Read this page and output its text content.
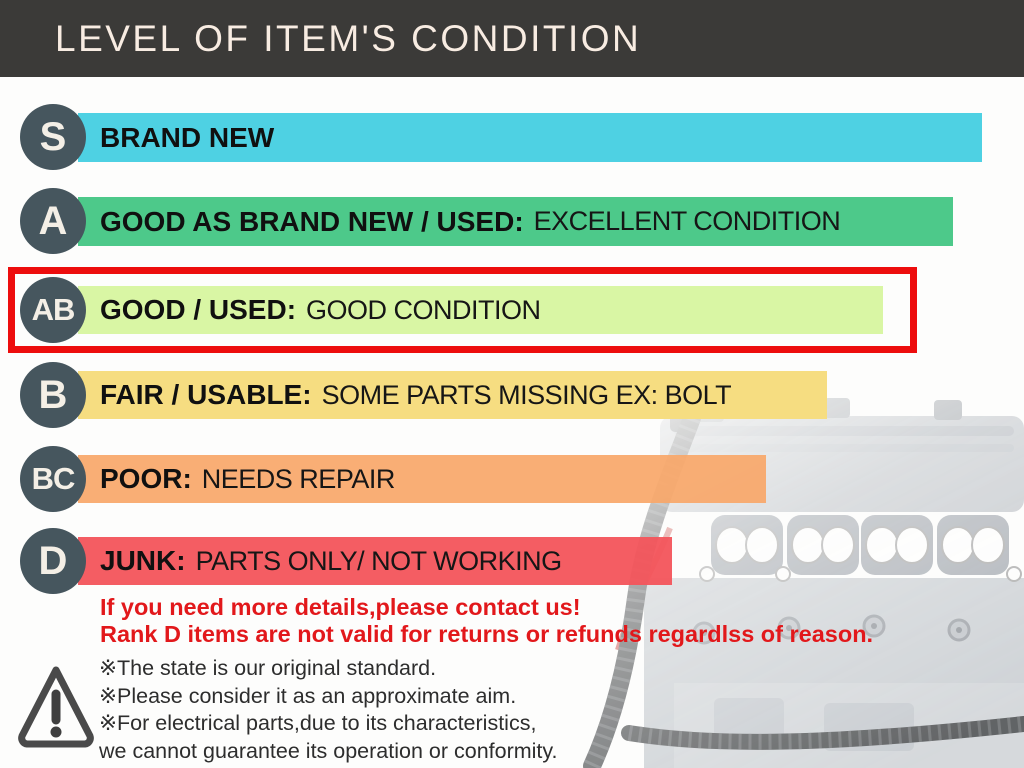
LEVEL OF ITEM'S CONDITION
BRAND NEW
S
GOOD AS BRAND NEW / USED: EXCELLENT CONDITION
A
GOOD / USED: GOOD CONDITION
AB
FAIR / USABLE: SOME PARTS MISSING EX: BOLT
B
POOR: NEEDS REPAIR
BC
JUNK: PARTS ONLY/ NOT WORKING
D
If you need more details,please contact us!
Rank D items are not valid for returns or refunds regardlss of reason.
※The state is our original standard.
※Please consider it as an approximate aim.
※For electrical parts,due to its characteristics,
we cannot guarantee its operation or conformity.
